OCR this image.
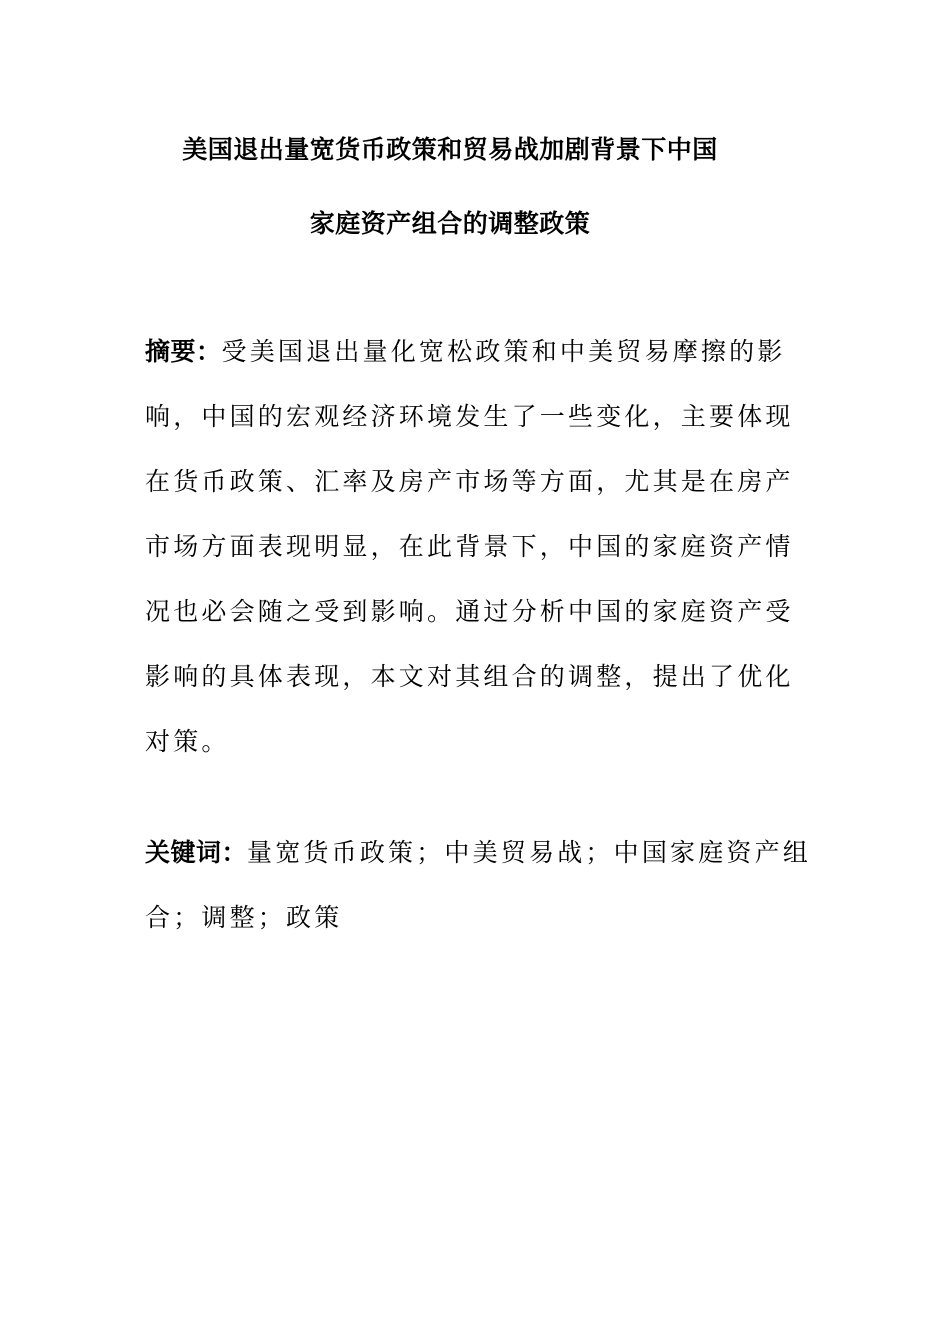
美国退出量宽货币政策和贸易战加剧背景下中国
家庭资产组合的调整政策
摘要：受美国退出量化宽松政策和中美贸易摩擦的影
响，中国的宏观经济环境发生了一些变化，主要体现
在货币政策、汇率及房产市场等方面，尤其是在房产
市场方面表现明显，在此背景下，中国的家庭资产情
况也必会随之受到影响。通过分析中国的家庭资产受
影响的具体表现，本文对其组合的调整，提出了优化
对策。
关键词：量宽货币政策；中美贸易战；中国家庭资产组
合；调整；政策
